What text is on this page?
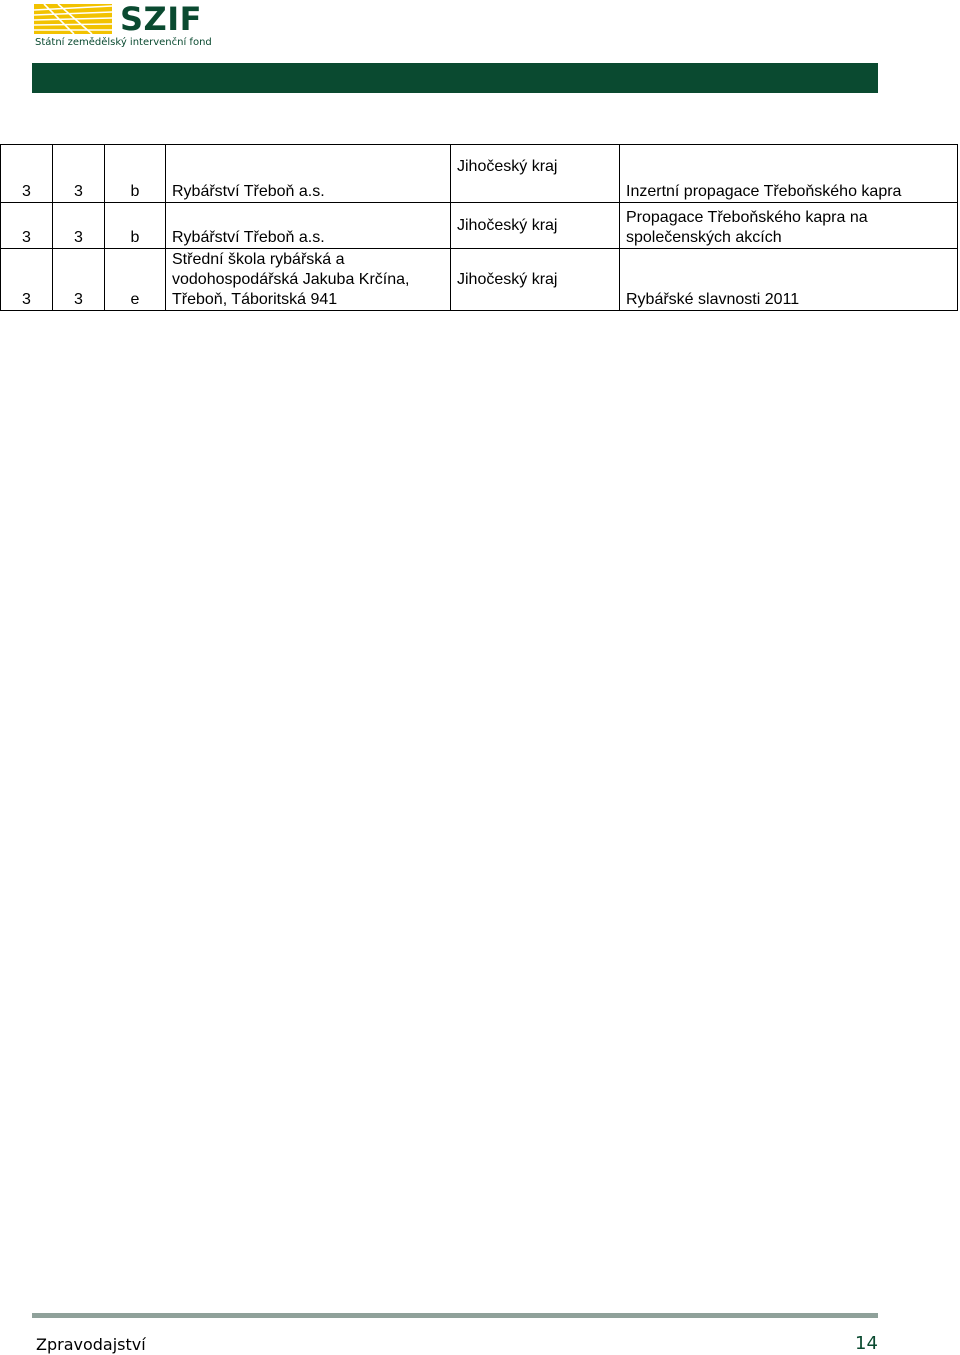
SZIF
Státní zemědělský intervenční fond
3	3	b	Rybářství Třeboň a.s.	Jihočeský kraj	Inzertní propagace Třeboňského kapra
3	3	b	Rybářství Třeboň a.s.	Jihočeský kraj	Propagace Třeboňského kapra na společenských akcích
3	3	e	Střední škola rybářská a vodohospodářská Jakuba Krčína, Třeboň, Táboritská 941	Jihočeský kraj	Rybářské slavnosti 2011
Zpravodajství	14
